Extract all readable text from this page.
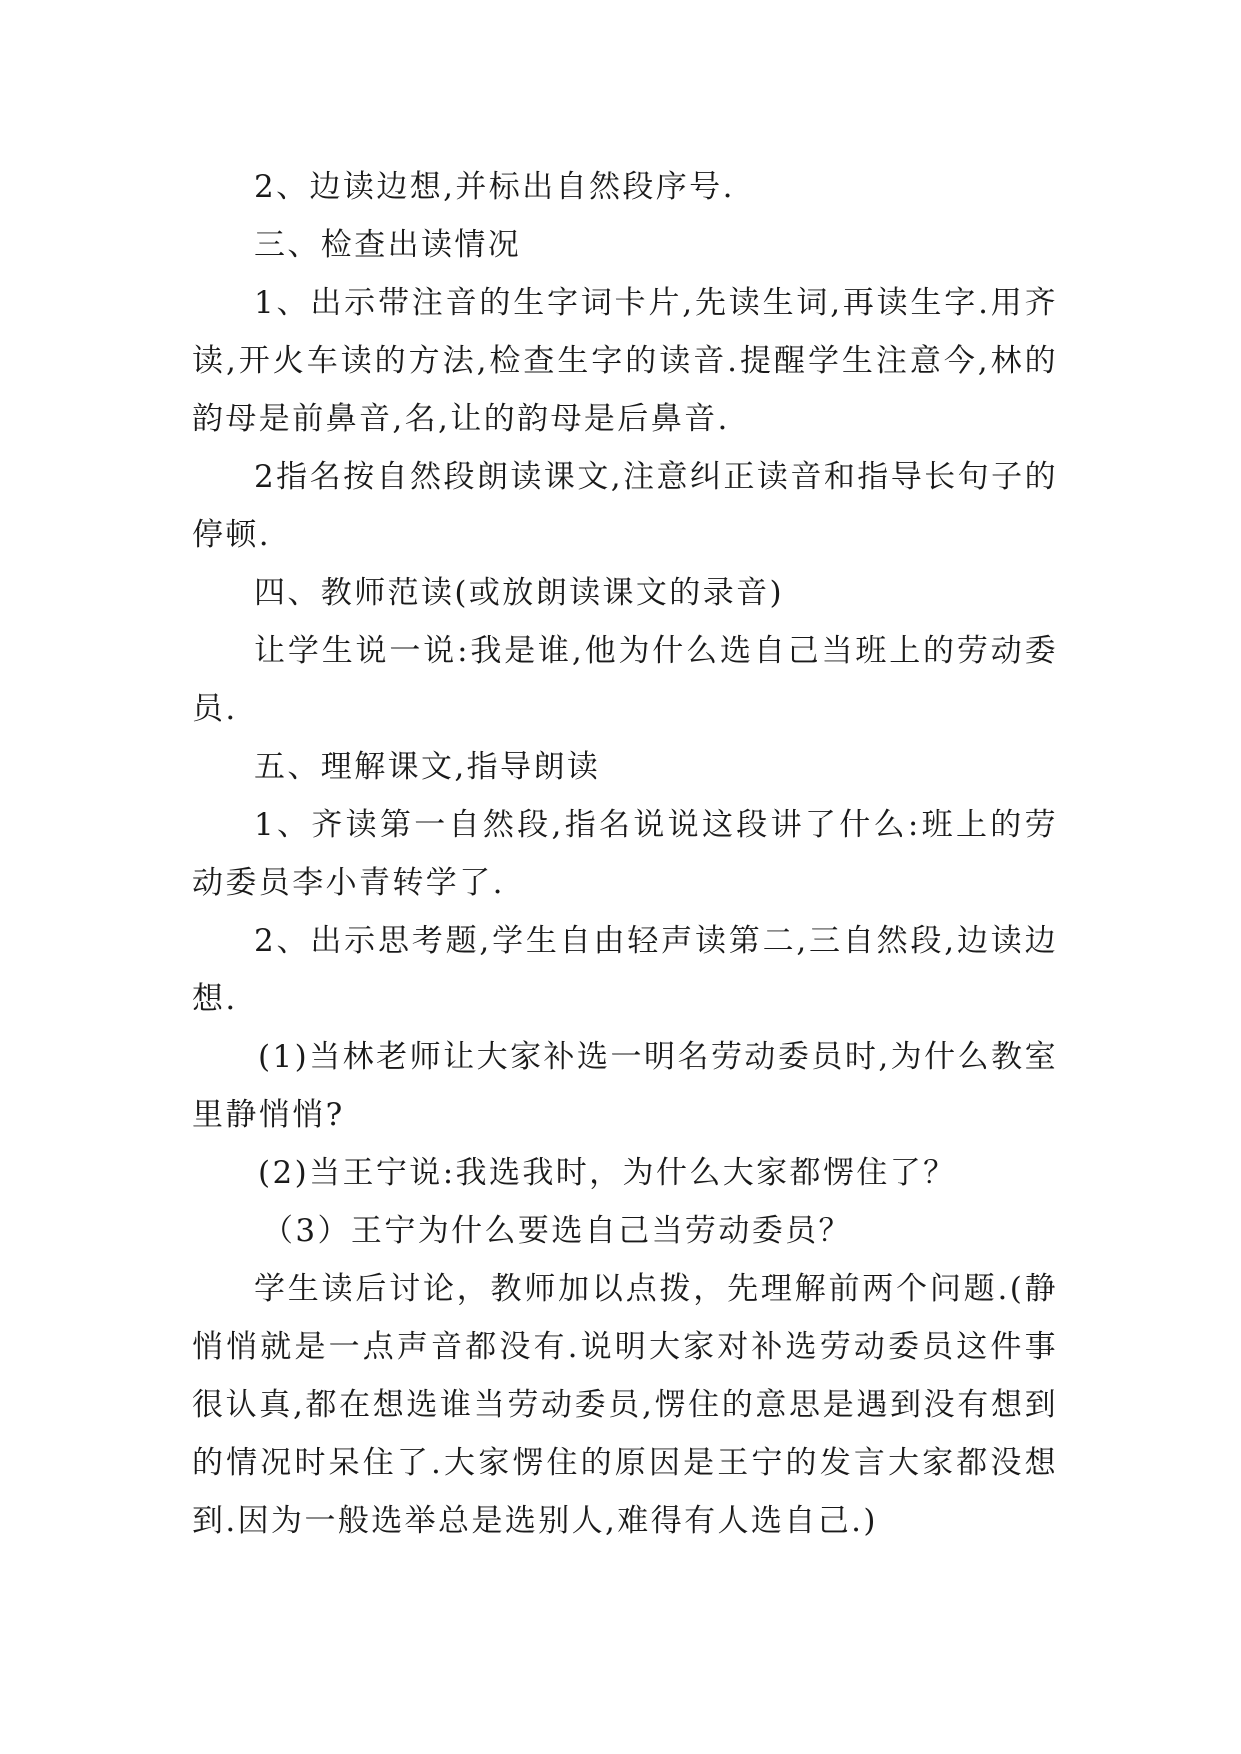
2、边读边想,并标出自然段序号.

三、检查出读情况

1、出示带注音的生字词卡片,先读生词,再读生字.用齐读,开火车读的方法,检查生字的读音.提醒学生注意今,林的韵母是前鼻音,名,让的韵母是后鼻音.

2指名按自然段朗读课文,注意纠正读音和指导长句子的停顿.

四、教师范读(或放朗读课文的录音)

让学生说一说:我是谁,他为什么选自己当班上的劳动委员.

五、理解课文,指导朗读

1、齐读第一自然段,指名说说这段讲了什么:班上的劳动委员李小青转学了.

2、出示思考题,学生自由轻声读第二,三自然段,边读边想.

(1)当林老师让大家补选一明名劳动委员时,为什么教室里静悄悄?

(2)当王宁说:我选我时，为什么大家都愣住了？

（3）王宁为什么要选自己当劳动委员？

学生读后讨论，教师加以点拨，先理解前两个问题.(静悄悄就是一点声音都没有.说明大家对补选劳动委员这件事很认真,都在想选谁当劳动委员,愣住的意思是遇到没有想到的情况时呆住了.大家愣住的原因是王宁的发言大家都没想到.因为一般选举总是选别人,难得有人选自己.)
